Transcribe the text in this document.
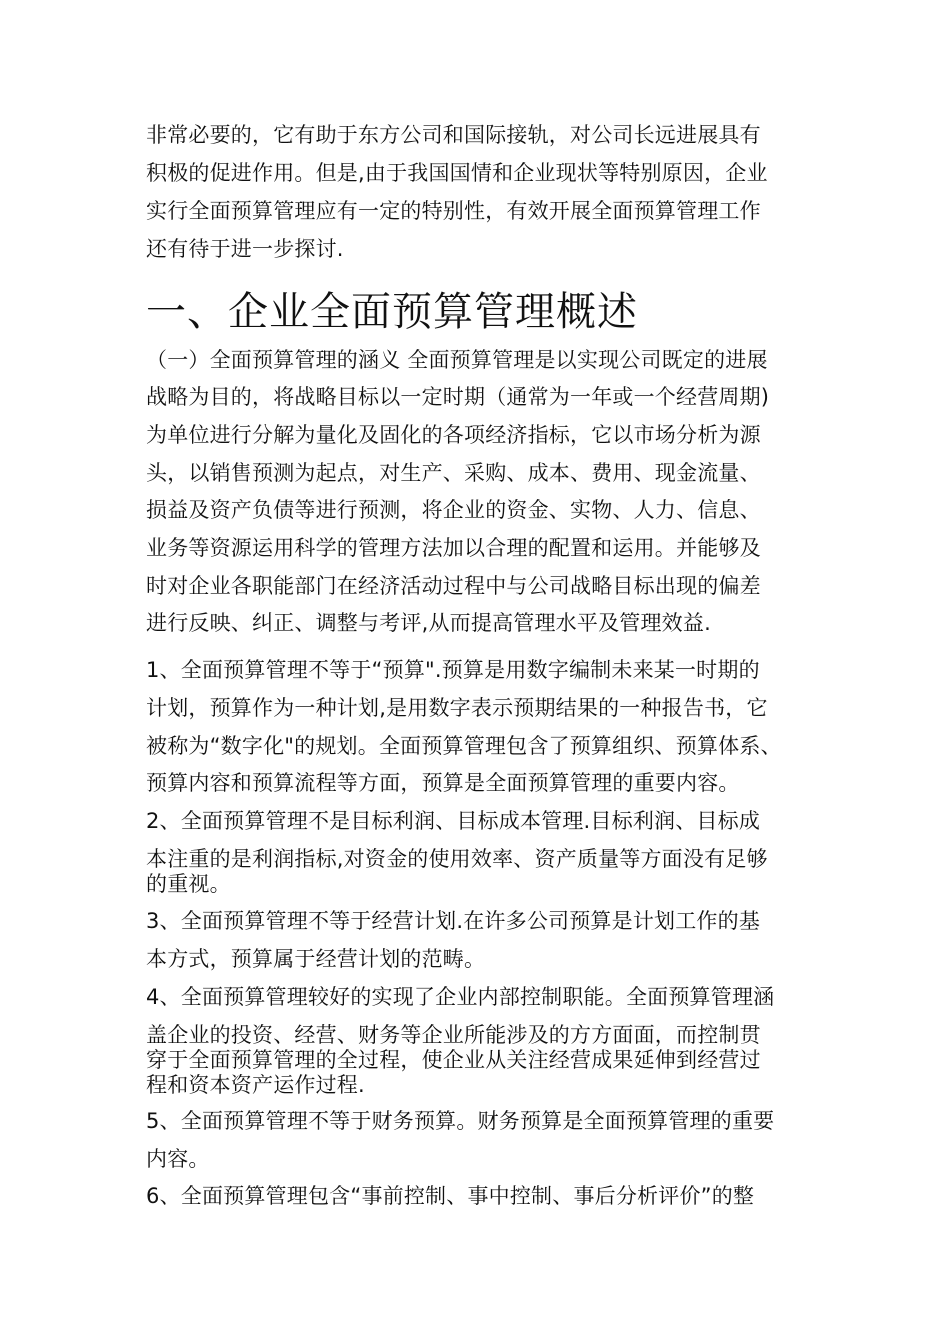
非常必要的，它有助于东方公司和国际接轨，对公司长远进展具有
积极的促进作用。但是,由于我国国情和企业现状等特别原因，企业
实行全面预算管理应有一定的特别性，有效开展全面预算管理工作
还有待于进一步探讨.
一、企业全面预算管理概述
（一）全面预算管理的涵义 全面预算管理是以实现公司既定的进展
战略为目的，将战略目标以一定时期（通常为一年或一个经营周期)
为单位进行分解为量化及固化的各项经济指标，它以市场分析为源
头，以销售预测为起点，对生产、采购、成本、费用、现金流量、
损益及资产负债等进行预测，将企业的资金、实物、人力、信息、
业务等资源运用科学的管理方法加以合理的配置和运用。并能够及
时对企业各职能部门在经济活动过程中与公司战略目标出现的偏差
进行反映、纠正、调整与考评,从而提高管理水平及管理效益.
1、全面预算管理不等于“预算".预算是用数字编制未来某一时期的
计划，预算作为一种计划,是用数字表示预期结果的一种报告书，它
被称为“数字化"的规划。全面预算管理包含了预算组织、预算体系、
预算内容和预算流程等方面，预算是全面预算管理的重要内容。
2、全面预算管理不是目标利润、目标成本管理.目标利润、目标成
本注重的是利润指标,对资金的使用效率、资产质量等方面没有足够
的重视。
3、全面预算管理不等于经营计划.在许多公司预算是计划工作的基
本方式，预算属于经营计划的范畴。
4、全面预算管理较好的实现了企业内部控制职能。全面预算管理涵
盖企业的投资、经营、财务等企业所能涉及的方方面面，而控制贯
穿于全面预算管理的全过程，使企业从关注经营成果延伸到经营过
程和资本资产运作过程.
5、全面预算管理不等于财务预算。财务预算是全面预算管理的重要
内容。
6、全面预算管理包含“事前控制、事中控制、事后分析评价”的整
